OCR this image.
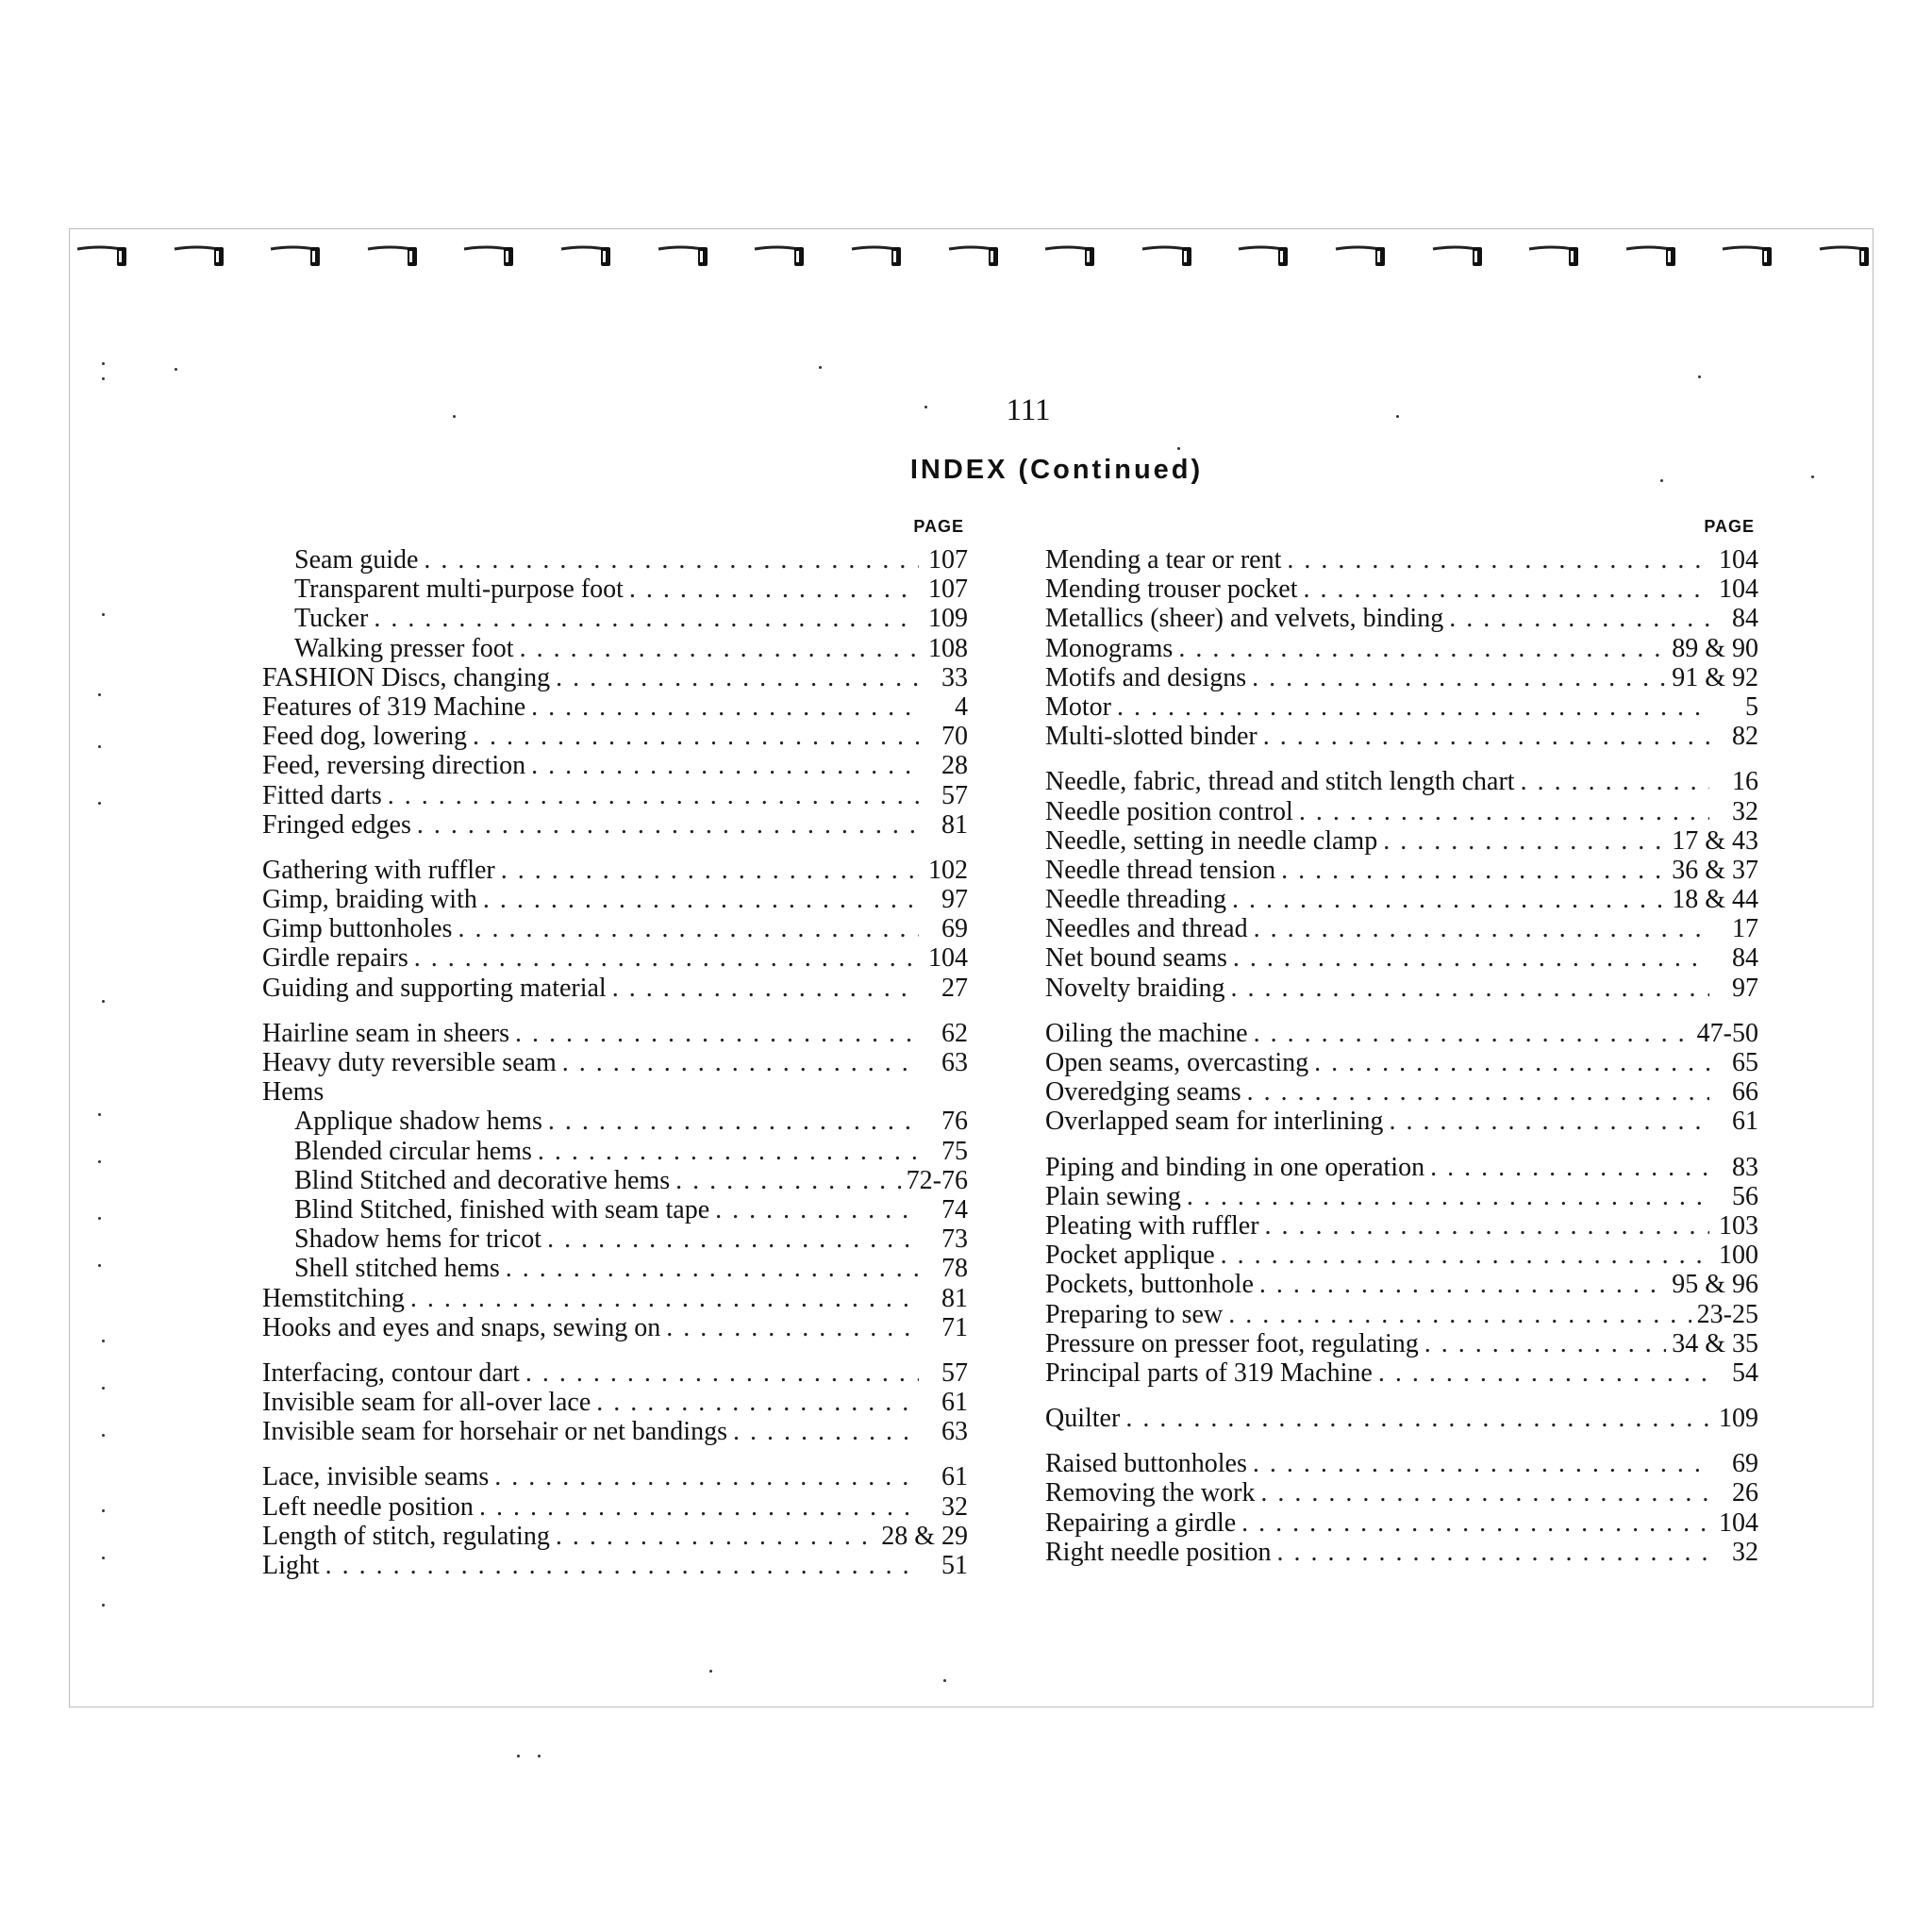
111
INDEX (Continued)
PAGE
Seam guide . . .	107
Transparent multi-purpose foot . . .	107
Tucker . . .	109
Walking presser foot . . .	108
FASHION Discs, changing . . .	33
Features of 319 Machine . . .	4
Feed dog, lowering . . .	70
Feed, reversing direction . . .	28
Fitted darts . . .	57
Fringed edges . . .	81
Gathering with ruffler . . .	102
Gimp, braiding with . . .	97
Gimp buttonholes . . .	69
Girdle repairs . . .	104
Guiding and supporting material . . .	27
Hairline seam in sheers . . .	62
Heavy duty reversible seam . . .	63
Hems
Applique shadow hems . . .	76
Blended circular hems . . .	75
Blind Stitched and decorative hems . . .	72-76
Blind Stitched, finished with seam tape . . .	74
Shadow hems for tricot . . .	73
Shell stitched hems . . .	78
Hemstitching . . .	81
Hooks and eyes and snaps, sewing on . . .	71
Interfacing, contour dart . . .	57
Invisible seam for all-over lace . . .	61
Invisible seam for horsehair or net bandings . . .	63
Lace, invisible seams . . .	61
Left needle position . . .	32
Length of stitch, regulating . . .	28 & 29
Light . . .	51
PAGE
Mending a tear or rent . . .	104
Mending trouser pocket . . .	104
Metallics (sheer) and velvets, binding . . .	84
Monograms . . .	89 & 90
Motifs and designs . . .	91 & 92
Motor . . .	5
Multi-slotted binder . . .	82
Needle, fabric, thread and stitch length chart . . .	16
Needle position control . . .	32
Needle, setting in needle clamp . . .	17 & 43
Needle thread tension . . .	36 & 37
Needle threading . . .	18 & 44
Needles and thread . . .	17
Net bound seams . . .	84
Novelty braiding . . .	97
Oiling the machine . . .	47-50
Open seams, overcasting . . .	65
Overedging seams . . .	66
Overlapped seam for interlining . . .	61
Piping and binding in one operation . . .	83
Plain sewing . . .	56
Pleating with ruffler . . .	103
Pocket applique . . .	100
Pockets, buttonhole . . .	95 & 96
Preparing to sew . . .	23-25
Pressure on presser foot, regulating . . .	34 & 35
Principal parts of 319 Machine . . .	54
Quilter . . .	109
Raised buttonholes . . .	69
Removing the work . . .	26
Repairing a girdle . . .	104
Right needle position . . .	32
